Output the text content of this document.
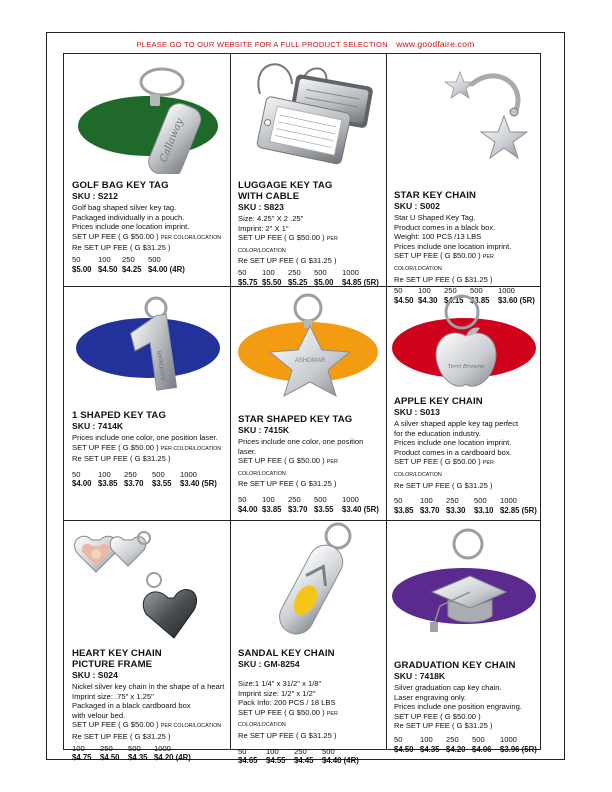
PLEASE GO TO OUR WEBSITE FOR A FULL PRODUCT SELECTION www.goodfaire.com
Callaway
GOLF BAG KEY TAG
SKU : S212
Golf bag shaped silver key tag.
Packaged individually in a pouch.
Prices include one location imprint.
SET UP FEE ( G $50.00 ) PER COLOR/LOCATION
Re SET UP FEE ( G $31.25 )
50	100	250	500
$5.00 $4.50 $4.25 $4.00 (4R)
LUGGAGE KEY TAG
WITH CABLE
SKU : S823
Size: 4.25" X 2 .25"
Imprint: 2" X 1"
SET UP FEE ( G $50.00 ) PER COLOR/LOCATION
Re SET UP FEE ( G $31.25 )
50	100	250	500	1000
$5.75 $5.50 $5.25 $5.00	$4.85 (5R)
STAR KEY CHAIN
SKU : S002
Star U Shaped Key Tag.
Product comes in a black box.
Weight: 100 PCS /13 LBS
Prices include one location imprint.
SET UP FEE ( G $50.00 ) PER COLOR/LOCATION
Re SET UP FEE ( G $31.25 )
50	100	250	500	1000
$4.50 $4.30 $4.15 $3.85	$3.60 (5R)
ASHOMAR
1 SHAPED KEY TAG
SKU : 7414K
Prices include one color, one position laser.
SET UP FEE ( G $50.00 ) PER COLOR/LOCATION
Re SET UP FEE ( G $31.25 )
50	100	250	500	1000
$4.00 $3.85 $3.70	$3.55	$3.40 (5R)
ASHOMAR
STAR SHAPED KEY TAG
SKU : 7415K
Prices include one color, one position laser.
SET UP FEE ( G $50.00 ) PER COLOR/LOCATION
Re SET UP FEE ( G $31.25 )
50	100	250	500	1000
$4.00 $3.85 $3.70 $3.55	$3.40 (5R)
Terri Browne
APPLE KEY CHAIN
SKU : S013
A silver shaped apple key tag perfect
for the education industry.
Prices include one location imprint.
Product comes in a cardboard box.
SET UP FEE ( G $50.00 ) PER COLOR/LOCATION
Re SET UP FEE ( G $31.25 )
50	100	250	500	1000
$3.85 $3.70 $3.30	$3.10 $2.85 (5R)
HEART KEY CHAIN
PICTURE FRAME
SKU : S024
Nickel silver key chain in the shape of a heart
Imprint size: .75" x 1.25"
Packaged in a black cardboard box
with velour bed.
SET UP FEE ( G $50.00 ) PER COLOR/LOCATION
Re SET UP FEE ( G $31.25 )
100	250	500	1000
$4.75	$4.50	$4.35 $4.20 (4R)
SANDAL KEY CHAIN
SKU : GM-8254
Size:1 1/4" x 31/2" x 1/8"
Imprint size: 1/2" x 1/2"
Pack Info: 200 PCS / 18 LBS
SET UP FEE ( G $50.00 ) PER COLOR/LOCATION
Re SET UP FEE ( G $31.25 )
50	100	250	500
$4.65	$4.55	$4.45	$4.40 (4R)
GRADUATION KEY CHAIN
SKU : 7418K
Silver graduation cap key chain.
Laser engraving only.
Prices include one position engraving.
SET UP FEE ( G $50.00 )
Re SET UP FEE ( G $31.25 )
50	100	250	500	1000
$4.50 $4.35 $4.20 $4.06	$3.96 (5R)
